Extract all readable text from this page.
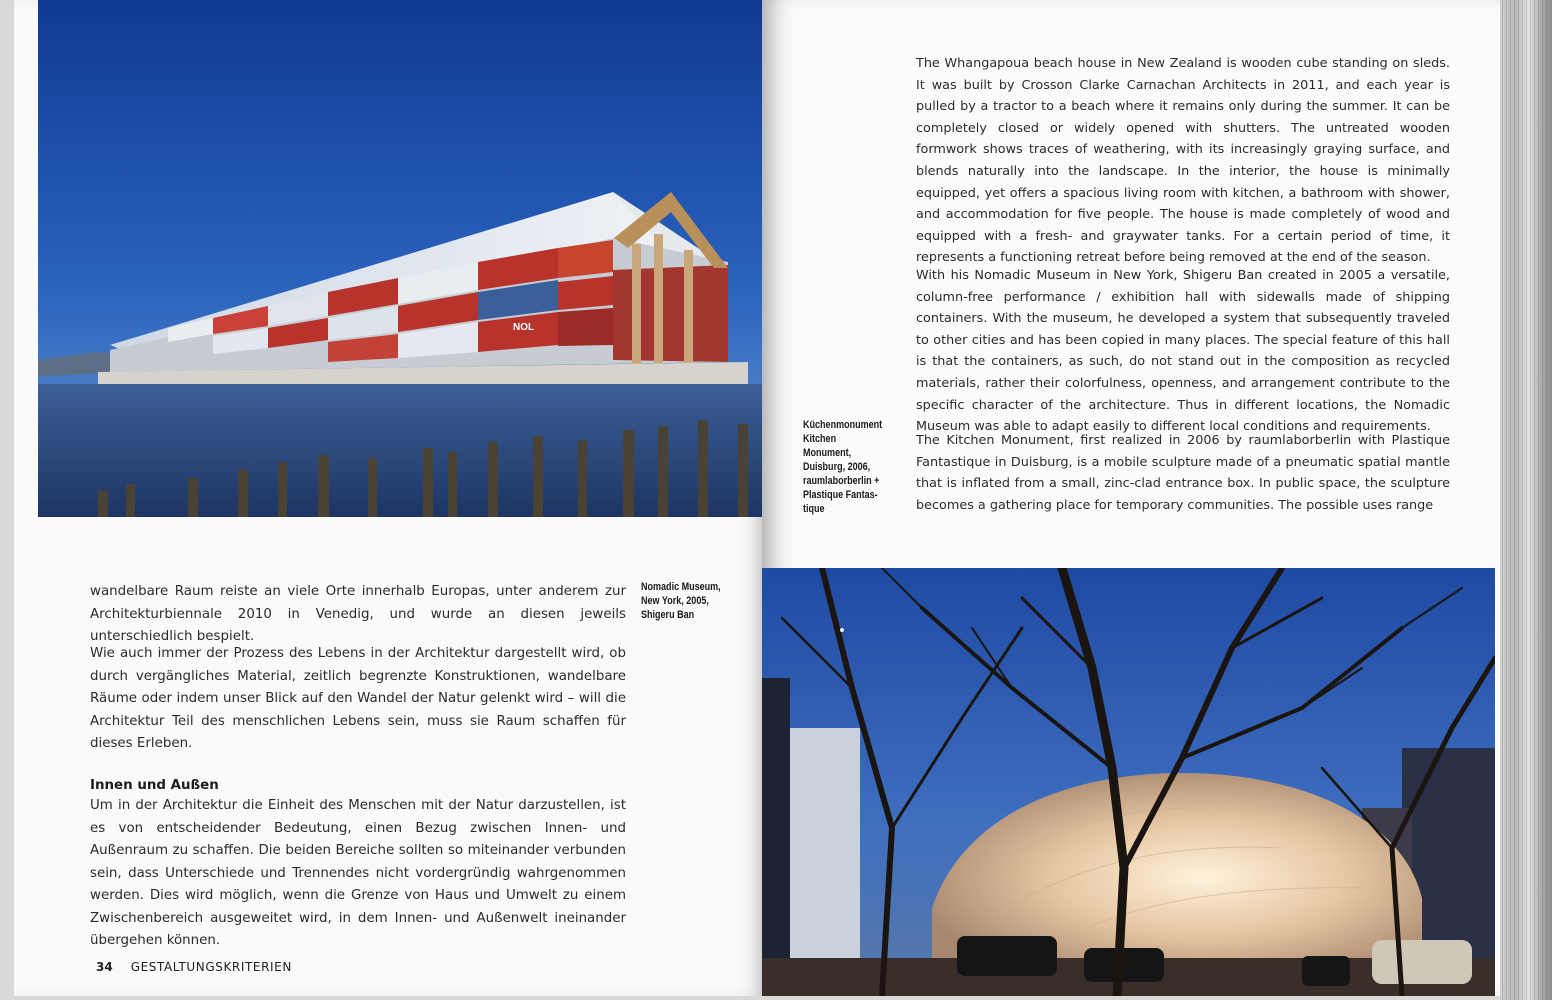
NOL

wandelbare Raum reiste an viele Orte innerhalb Europas, unter anderem zur Architekturbiennale 2010 in Venedig, und wurde an diesen jeweils unterschiedlich bespielt.

Wie auch immer der Prozess des Lebens in der Architektur dargestellt wird, ob durch vergängliches Material, zeitlich begrenzte Konstruktionen, wandelbare Räume oder indem unser Blick auf den Wandel der Natur gelenkt wird – will die Architektur Teil des menschlichen Lebens sein, muss sie Raum schaffen für dieses Erleben.

Innen und Außen

Um in der Architektur die Einheit des Menschen mit der Natur darzustellen, ist es von entscheidender Bedeutung, einen Bezug zwischen Innen- und Außenraum zu schaffen. Die beiden Bereiche sollten so miteinander verbunden sein, dass Unterschiede und Trennendes nicht vordergründig wahrgenommen werden. Dies wird möglich, wenn die Grenze von Haus und Umwelt zu einem Zwischenbereich ausgeweitet wird, in dem Innen- und Außenwelt ineinander übergehen können.

Nomadic Museum,
New York, 2005,
Shigeru Ban

34 GESTALTUNGSKRITERIEN

The Whangapoua beach house in New Zealand is wooden cube standing on sleds. It was built by Crosson Clarke Carnachan Architects in 2011, and each year is pulled by a tractor to a beach where it remains only during the summer. It can be completely closed or widely opened with shutters. The untreated wooden formwork shows traces of weathering, with its increasingly graying surface, and blends naturally into the landscape. In the interior, the house is minimally equipped, yet offers a spacious living room with kitchen, a bathroom with shower, and accommodation for five people. The house is made completely of wood and equipped with a fresh- and graywater tanks. For a certain period of time, it represents a functioning retreat before being removed at the end of the season.

With his Nomadic Museum in New York, Shigeru Ban created in 2005 a versatile, column-free performance / exhibition hall with sidewalls made of shipping containers. With the museum, he developed a system that subsequently traveled to other cities and has been copied in many places. The special feature of this hall is that the containers, as such, do not stand out in the composition as recycled materials, rather their colorfulness, openness, and arrangement contribute to the specific character of the architecture. Thus in different locations, the Nomadic Museum was able to adapt easily to different local conditions and requirements.

The Kitchen Monument, first realized in 2006 by raumlaborberlin with Plastique Fantastique in Duisburg, is a mobile sculpture made of a pneumatic spatial mantle that is inflated from a small, zinc-clad entrance box. In public space, the sculpture becomes a gathering place for temporary communities. The possible uses range

Küchenmonument
Kitchen Monument,
Duisburg, 2006,
raumlaborberlin +
Plastique Fantas-
tique
